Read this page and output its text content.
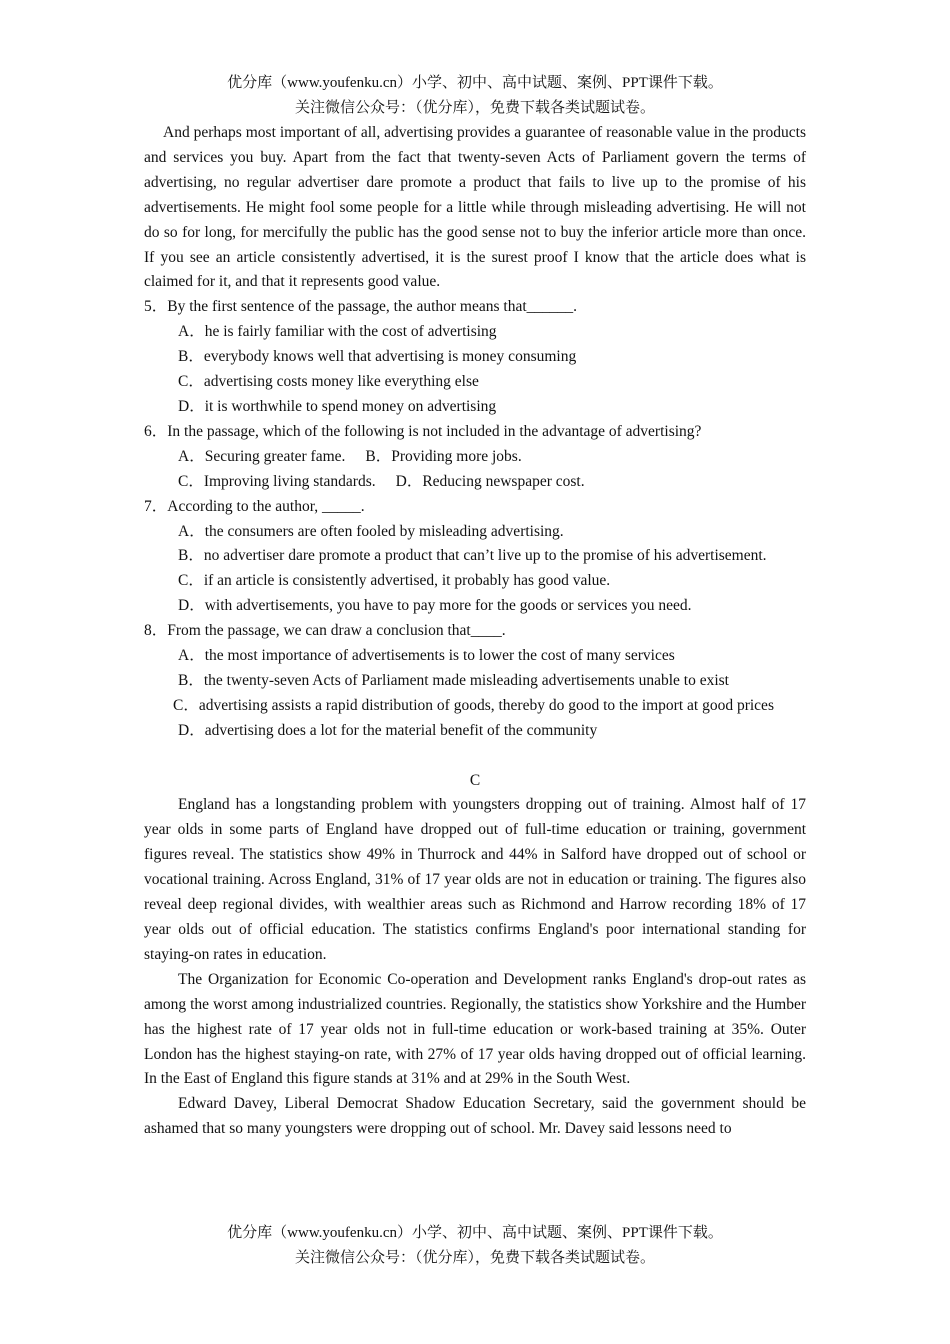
优分库（www.youfenku.cn）小学、初中、高中试题、案例、PPT课件下载。
关注微信公众号：（优分库），免费下载各类试题试卷。

And perhaps most important of all, advertising provides a guarantee of reasonable value in the products and services you buy. Apart from the fact that twenty-seven Acts of Parliament govern the terms of advertising, no regular advertiser dare promote a product that fails to live up to the promise of his advertisements. He might fool some people for a little while through misleading advertising. He will not do so for long, for mercifully the public has the good sense not to buy the inferior article more than once. If you see an article consistently advertised, it is the surest proof I know that the article does what is claimed for it, and that it represents good value.

5．By the first sentence of the passage, the author means that______.

A．he is fairly familiar with the cost of advertising

B．everybody knows well that advertising is money consuming

C．advertising costs money like everything else

D．it is worthwhile to spend money on advertising

6．In the passage, which of the following is not included in the advantage of advertising?

A．Securing greater fame. B．Providing more jobs.

C．Improving living standards. D．Reducing newspaper cost.

7．According to the author, _____.

A．the consumers are often fooled by misleading advertising.

B．no advertiser dare promote a product that can’t live up to the promise of his advertisement.

C．if an article is consistently advertised, it probably has good value.

D．with advertisements, you have to pay more for the goods or services you need.

8．From the passage, we can draw a conclusion that____.

A．the most importance of advertisements is to lower the cost of many services

B．the twenty-seven Acts of Parliament made misleading advertisements unable to exist

C．advertising assists a rapid distribution of goods, thereby do good to the import at good prices

D．advertising does a lot for the material benefit of the community

C

England has a longstanding problem with youngsters dropping out of training. Almost half of 17 year olds in some parts of England have dropped out of full-time education or training, government figures reveal. The statistics show 49% in Thurrock and 44% in Salford have dropped out of school or vocational training. Across England, 31% of 17 year olds are not in education or training. The figures also reveal deep regional divides, with wealthier areas such as Richmond and Harrow recording 18% of 17 year olds out of official education. The statistics confirms England's poor international standing for staying-on rates in education.

The Organization for Economic Co-operation and Development ranks England's drop-out rates as among the worst among industrialized countries. Regionally, the statistics show Yorkshire and the Humber has the highest rate of 17 year olds not in full-time education or work-based training at 35%. Outer London has the highest staying-on rate, with 27% of 17 year olds having dropped out of official learning. In the East of England this figure stands at 31% and at 29% in the South West.

Edward Davey, Liberal Democrat Shadow Education Secretary, said the government should be ashamed that so many youngsters were dropping out of school. Mr. Davey said lessons need to

优分库（www.youfenku.cn）小学、初中、高中试题、案例、PPT课件下载。
关注微信公众号：（优分库），免费下载各类试题试卷。
